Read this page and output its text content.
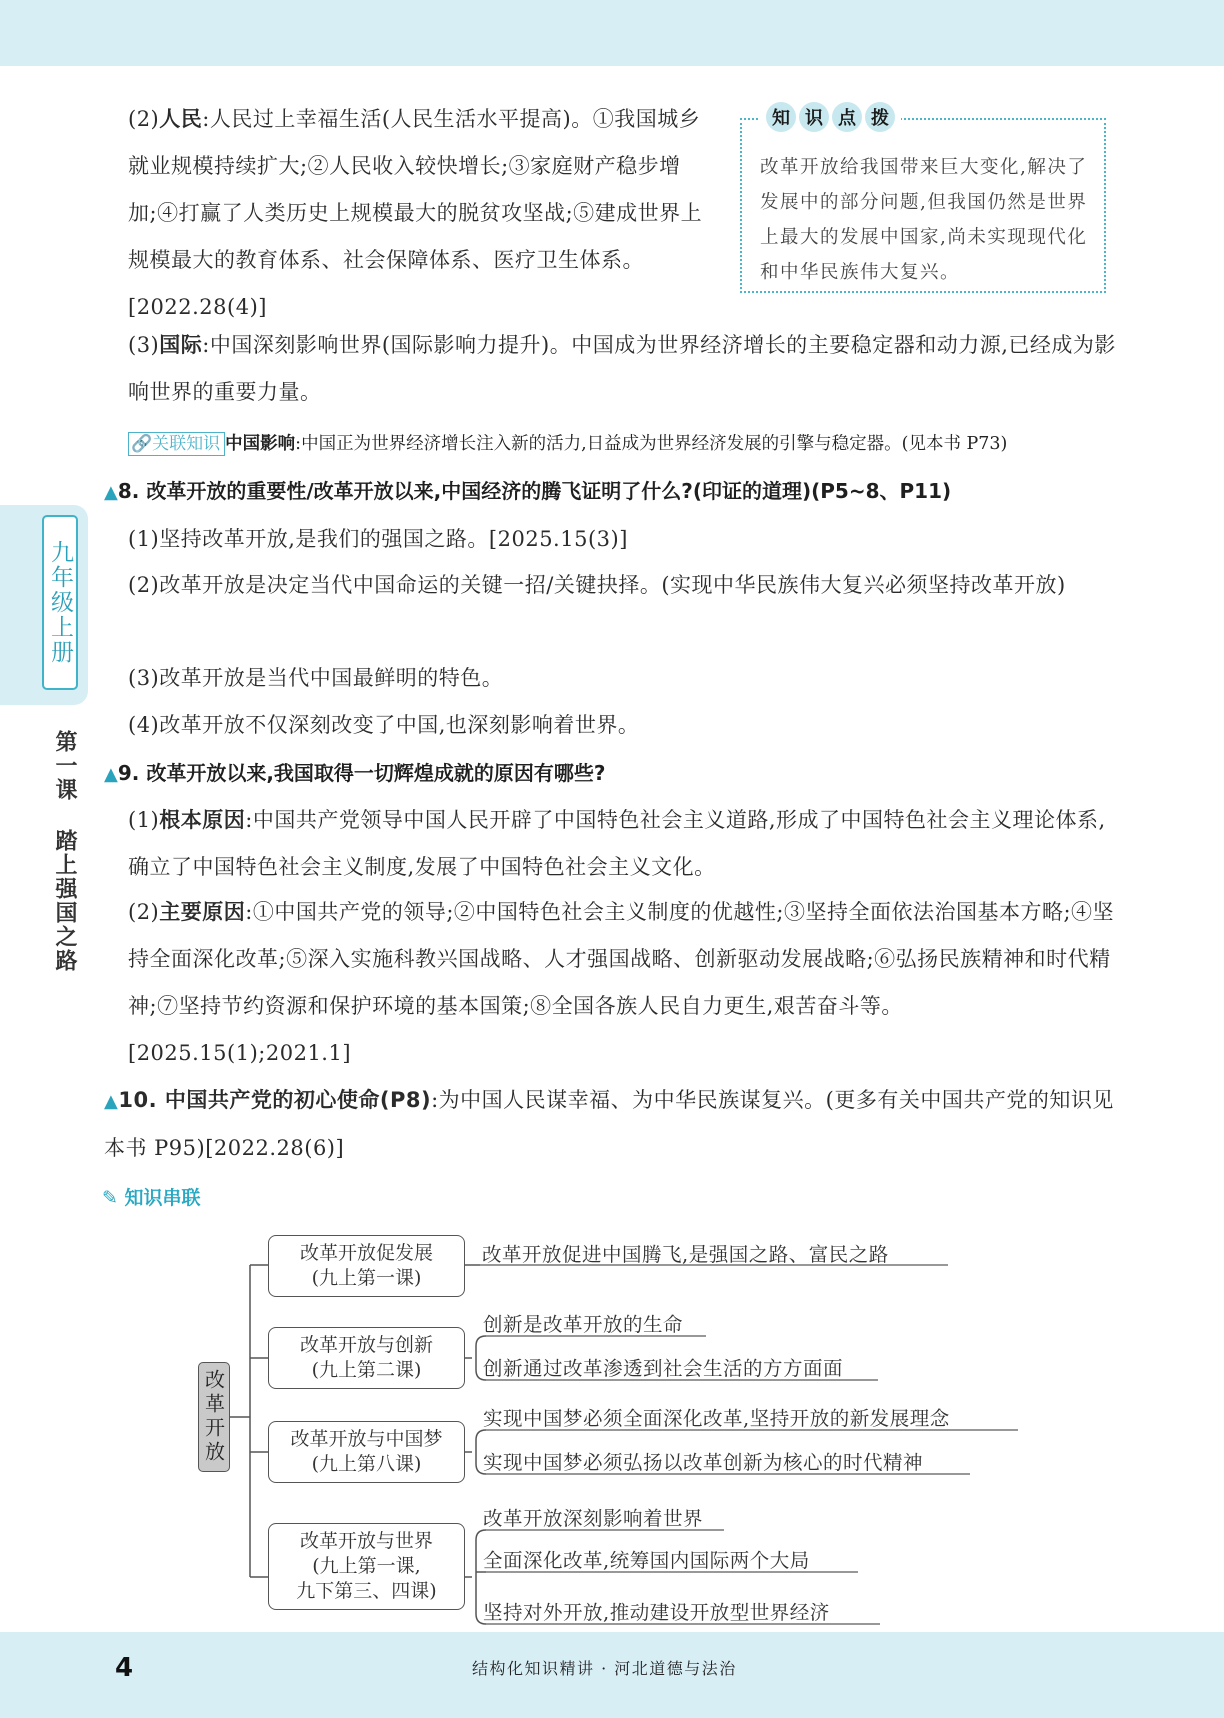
九年级上册
第一课 踏上强国之路
(2)人民:人民过上幸福生活(人民生活水平提高)。①我国城乡就业规模持续扩大;②人民收入较快增长;③家庭财产稳步增加;④打赢了人类历史上规模最大的脱贫攻坚战;⑤建成世界上规模最大的教育体系、社会保障体系、医疗卫生体系。[2022.28(4)]
知 识 点 拨
改革开放给我国带来巨大变化,解决了发展中的部分问题,但我国仍然是世界上最大的发展中国家,尚未实现现代化和中华民族伟大复兴。
(3)国际:中国深刻影响世界(国际影响力提升)。中国成为世界经济增长的主要稳定器和动力源,已经成为影响世界的重要力量。
🔗关联知识 中国影响:中国正为世界经济增长注入新的活力,日益成为世界经济发展的引擎与稳定器。(见本书 P73)
▲8. 改革开放的重要性/改革开放以来,中国经济的腾飞证明了什么?(印证的道理)(P5~8、P11)
(1)坚持改革开放,是我们的强国之路。[2025.15(3)]
(2)改革开放是决定当代中国命运的关键一招/关键抉择。(实现中华民族伟大复兴必须坚持改革开放)
(3)改革开放是当代中国最鲜明的特色。
(4)改革开放不仅深刻改变了中国,也深刻影响着世界。
▲9. 改革开放以来,我国取得一切辉煌成就的原因有哪些?
(1)根本原因:中国共产党领导中国人民开辟了中国特色社会主义道路,形成了中国特色社会主义理论体系,确立了中国特色社会主义制度,发展了中国特色社会主义文化。
(2)主要原因:①中国共产党的领导;②中国特色社会主义制度的优越性;③坚持全面依法治国基本方略;④坚持全面深化改革;⑤深入实施科教兴国战略、人才强国战略、创新驱动发展战略;⑥弘扬民族精神和时代精神;⑦坚持节约资源和保护环境的基本国策;⑧全国各族人民自力更生,艰苦奋斗等。[2025.15(1);2021.1]
▲10. 中国共产党的初心使命(P8):为中国人民谋幸福、为中华民族谋复兴。(更多有关中国共产党的知识见本书 P95)[2022.28(6)]
✎ 知识串联
改革开放
改革开放促发展
(九上第一课)
改革开放与创新
(九上第二课)
改革开放与中国梦
(九上第八课)
改革开放与世界
(九上第一课,
九下第三、四课)
改革开放促进中国腾飞,是强国之路、富民之路
创新是改革开放的生命
创新通过改革渗透到社会生活的方方面面
实现中国梦必须全面深化改革,坚持开放的新发展理念
实现中国梦必须弘扬以改革创新为核心的时代精神
改革开放深刻影响着世界
全面深化改革,统筹国内国际两个大局
坚持对外开放,推动建设开放型世界经济
4	结构化知识精讲 · 河北道德与法治
